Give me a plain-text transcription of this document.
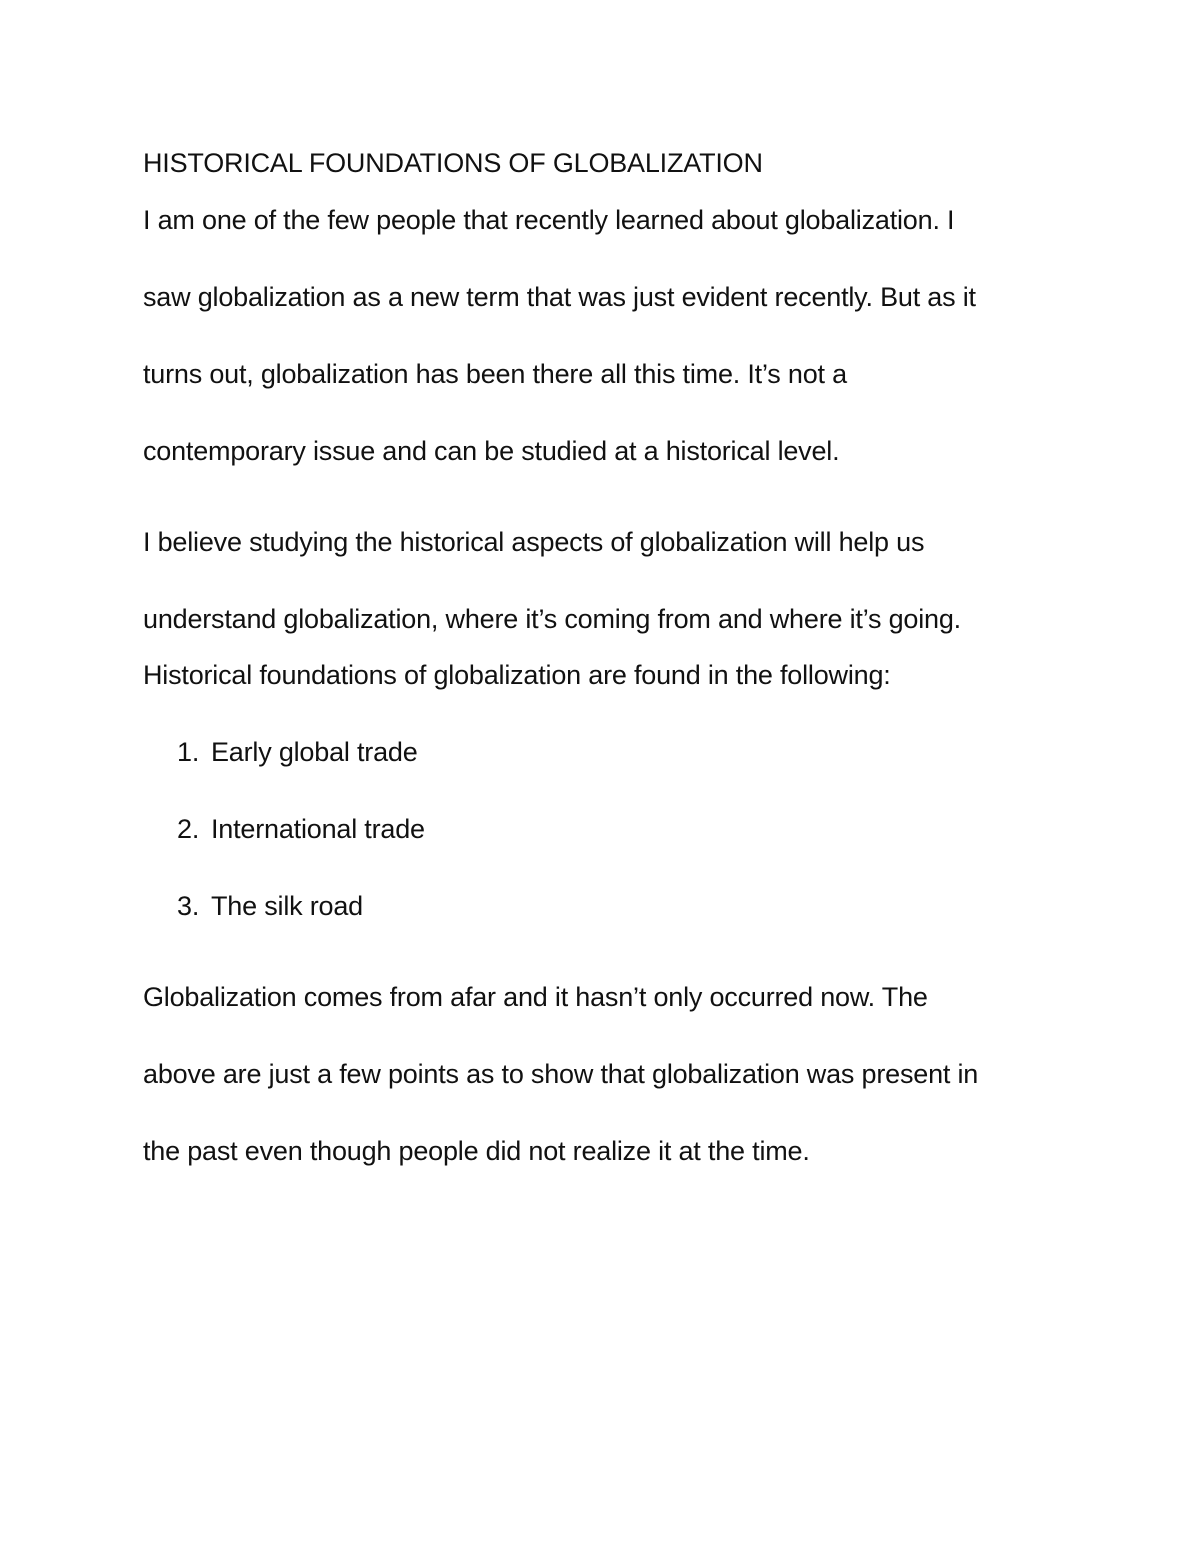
HISTORICAL FOUNDATIONS OF GLOBALIZATION
I am one of the few people that recently learned about globalization. I
saw globalization as a new term that was just evident recently. But as it
turns out, globalization has been there all this time. It’s not a
contemporary issue and can be studied at a historical level.
I believe studying the historical aspects of globalization will help us
understand globalization, where it’s coming from and where it’s going.
Historical foundations of globalization are found in the following:
1. Early global trade
2. International trade
3. The silk road
Globalization comes from afar and it hasn’t only occurred now. The
above are just a few points as to show that globalization was present in
the past even though people did not realize it at the time.
